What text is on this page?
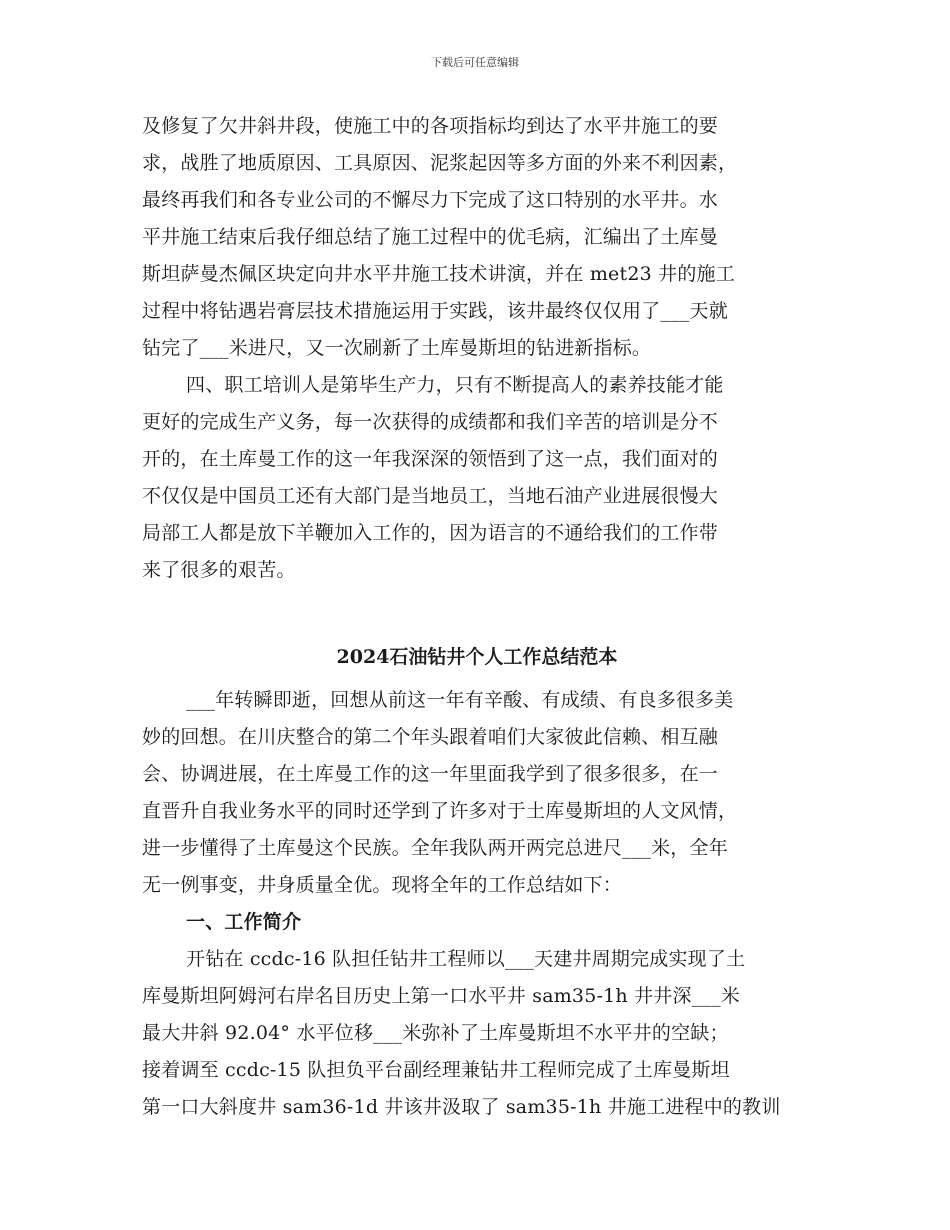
下载后可任意编辑
及修复了欠井斜井段，使施工中的各项指标均到达了水平井施工的要
求，战胜了地质原因、工具原因、泥浆起因等多方面的外来不利因素，
最终再我们和各专业公司的不懈尽力下完成了这口特别的水平井。水
平井施工结束后我仔细总结了施工过程中的优毛病，汇编出了土库曼
斯坦萨曼杰佩区块定向井水平井施工技术讲演，并在 met23 井的施工
过程中将钻遇岩膏层技术措施运用于实践，该井最终仅仅用了___天就
钻完了___米进尺，又一次刷新了土库曼斯坦的钻进新指标。
四、职工培训人是第毕生产力，只有不断提高人的素养技能才能
更好的完成生产义务，每一次获得的成绩都和我们辛苦的培训是分不
开的，在土库曼工作的这一年我深深的领悟到了这一点，我们面对的
不仅仅是中国员工还有大部门是当地员工，当地石油产业进展很慢大
局部工人都是放下羊鞭加入工作的，因为语言的不通给我们的工作带
来了很多的艰苦。
2024石油钻井个人工作总结范本
___年转瞬即逝，回想从前这一年有辛酸、有成绩、有良多很多美
妙的回想。在川庆整合的第二个年头跟着咱们大家彼此信赖、相互融
会、协调进展，在土库曼工作的这一年里面我学到了很多很多，在一
直晋升自我业务水平的同时还学到了许多对于土库曼斯坦的人文风情，
进一步懂得了土库曼这个民族。全年我队两开两完总进尺___米，全年
无一例事变，井身质量全优。现将全年的工作总结如下：
一、工作简介
开钻在 ccdc-16 队担任钻井工程师以___天建井周期完成实现了土
库曼斯坦阿姆河右岸名目历史上第一口水平井 sam35-1h 井井深___米
最大井斜 92.04° 水平位移___米弥补了土库曼斯坦不水平井的空缺；
接着调至 ccdc-15 队担负平台副经理兼钻井工程师完成了土库曼斯坦
第一口大斜度井 sam36-1d 井该井汲取了 sam35-1h 井施工进程中的教训
